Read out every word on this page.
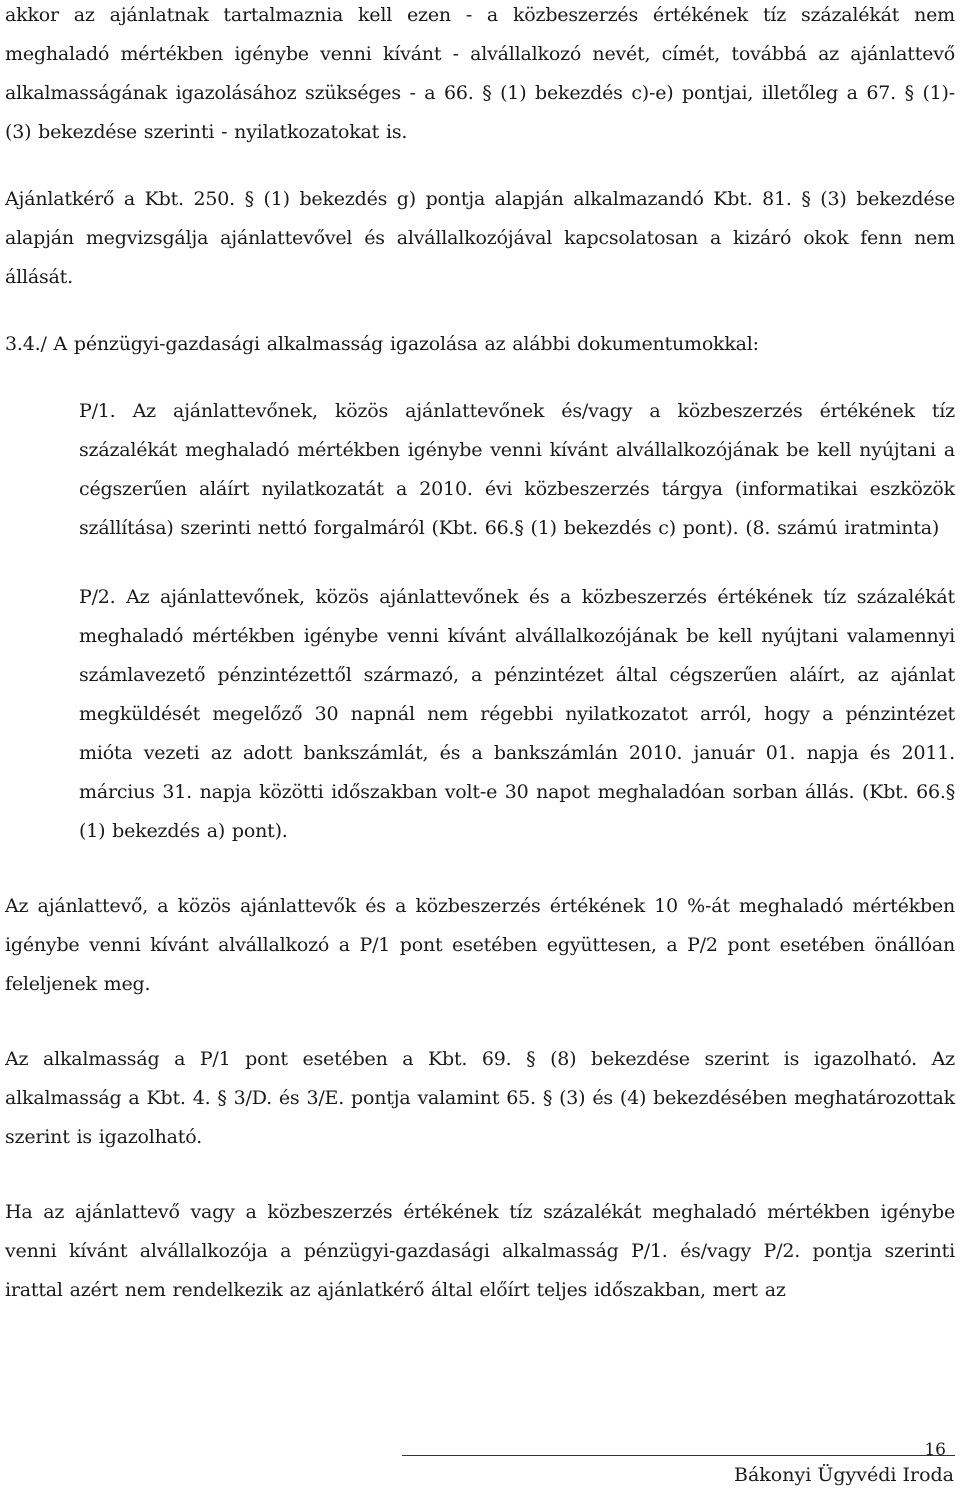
akkor az ajánlatnak tartalmaznia kell ezen - a közbeszerzés értékének tíz százalékát nem meghaladó mértékben igénybe venni kívánt - alvállalkozó nevét, címét, továbbá az ajánlattevő alkalmasságának igazolásához szükséges - a 66. § (1) bekezdés c)-e) pontjai, illetőleg a 67. § (1)-(3) bekezdése szerinti - nyilatkozatokat is.

Ajánlatkérő a Kbt. 250. § (1) bekezdés g) pontja alapján alkalmazandó Kbt. 81. § (3) bekezdése alapján megvizsgálja ajánlattevővel és alvállalkozójával kapcsolatosan a kizáró okok fenn nem állását.

3.4./ A pénzügyi-gazdasági alkalmasság igazolása az alábbi dokumentumokkal:

P/1. Az ajánlattevőnek, közös ajánlattevőnek és/vagy a közbeszerzés értékének tíz százalékát meghaladó mértékben igénybe venni kívánt alvállalkozójának be kell nyújtani a cégszerűen aláírt nyilatkozatát a 2010. évi közbeszerzés tárgya (informatikai eszközök szállítása) szerinti nettó forgalmáról (Kbt. 66.§ (1) bekezdés c) pont). (8. számú iratminta)

P/2. Az ajánlattevőnek, közös ajánlattevőnek és a közbeszerzés értékének tíz százalékát meghaladó mértékben igénybe venni kívánt alvállalkozójának be kell nyújtani valamennyi számlavezető pénzintézettől származó, a pénzintézet által cégszerűen aláírt, az ajánlat megküldését megelőző 30 napnál nem régebbi nyilatkozatot arról, hogy a pénzintézet mióta vezeti az adott bankszámlát, és a bankszámlán 2010. január 01. napja és 2011. március 31. napja közötti időszakban volt-e 30 napot meghaladóan sorban állás. (Kbt. 66.§ (1) bekezdés a) pont).

Az ajánlattevő, a közös ajánlattevők és a közbeszerzés értékének 10 %-át meghaladó mértékben igénybe venni kívánt alvállalkozó a P/1 pont esetében együttesen, a P/2 pont esetében önállóan feleljenek meg.

Az alkalmasság a P/1 pont esetében a Kbt. 69. § (8) bekezdése szerint is igazolható. Az alkalmasság a Kbt. 4. § 3/D. és 3/E. pontja valamint 65. § (3) és (4) bekezdésében meghatározottak szerint is igazolható.

Ha az ajánlattevő vagy a közbeszerzés értékének tíz százalékát meghaladó mértékben igénybe venni kívánt alvállalkozója a pénzügyi-gazdasági alkalmasság P/1. és/vagy P/2. pontja szerinti irattal azért nem rendelkezik az ajánlatkérő által előírt teljes időszakban, mert az

16
Bákonyi Ügyvédi Iroda
